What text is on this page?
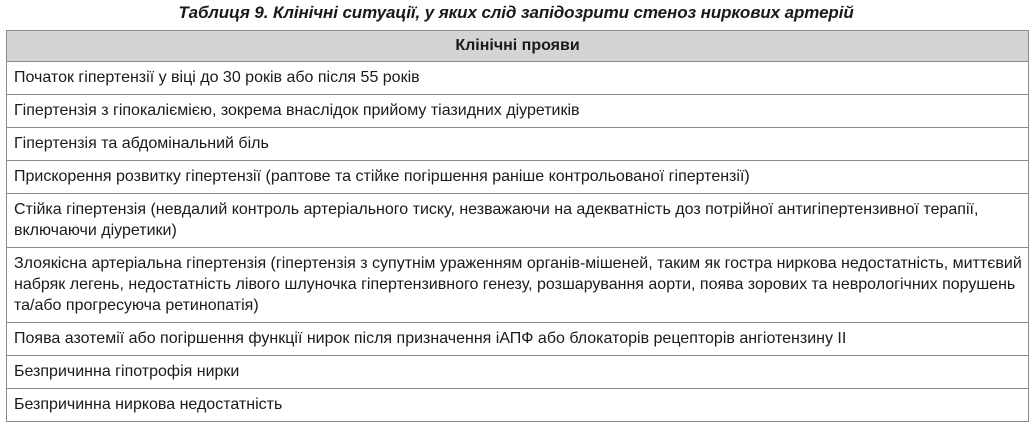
Таблиця 9. Клінічні ситуації, у яких слід запідозрити стеноз ниркових артерій
Клінічні прояви
Початок гіпертензії у віці до 30 років або після 55 років
Гіпертензія з гіпокаліємією, зокрема внаслідок прийому тіазидних діуретиків
Гіпертензія та абдомінальний біль
Прискорення розвитку гіпертензії (раптове та стійке погіршення раніше контрольованої гіпертензії)
Стійка гіпертензія (невдалий контроль артеріального тиску, незважаючи на адекватність доз потрійної антигіпертензивної терапії, включаючи діуретики)
Злоякісна артеріальна гіпертензія (гіпертензія з супутнім ураженням органів-мішеней, таким як гостра ниркова недостатність, миттєвий набряк легень, недостатність лівого шлуночка гіпертензивного генезу, розшарування аорти, поява зорових та неврологічних порушень та/або прогресуюча ретинопатія)
Поява азотемії або погіршення функції нирок після призначення іАПФ або блокаторів рецепторів ангіотензину ІІ
Безпричинна гіпотрофія нирки
Безпричинна ниркова недостатність
